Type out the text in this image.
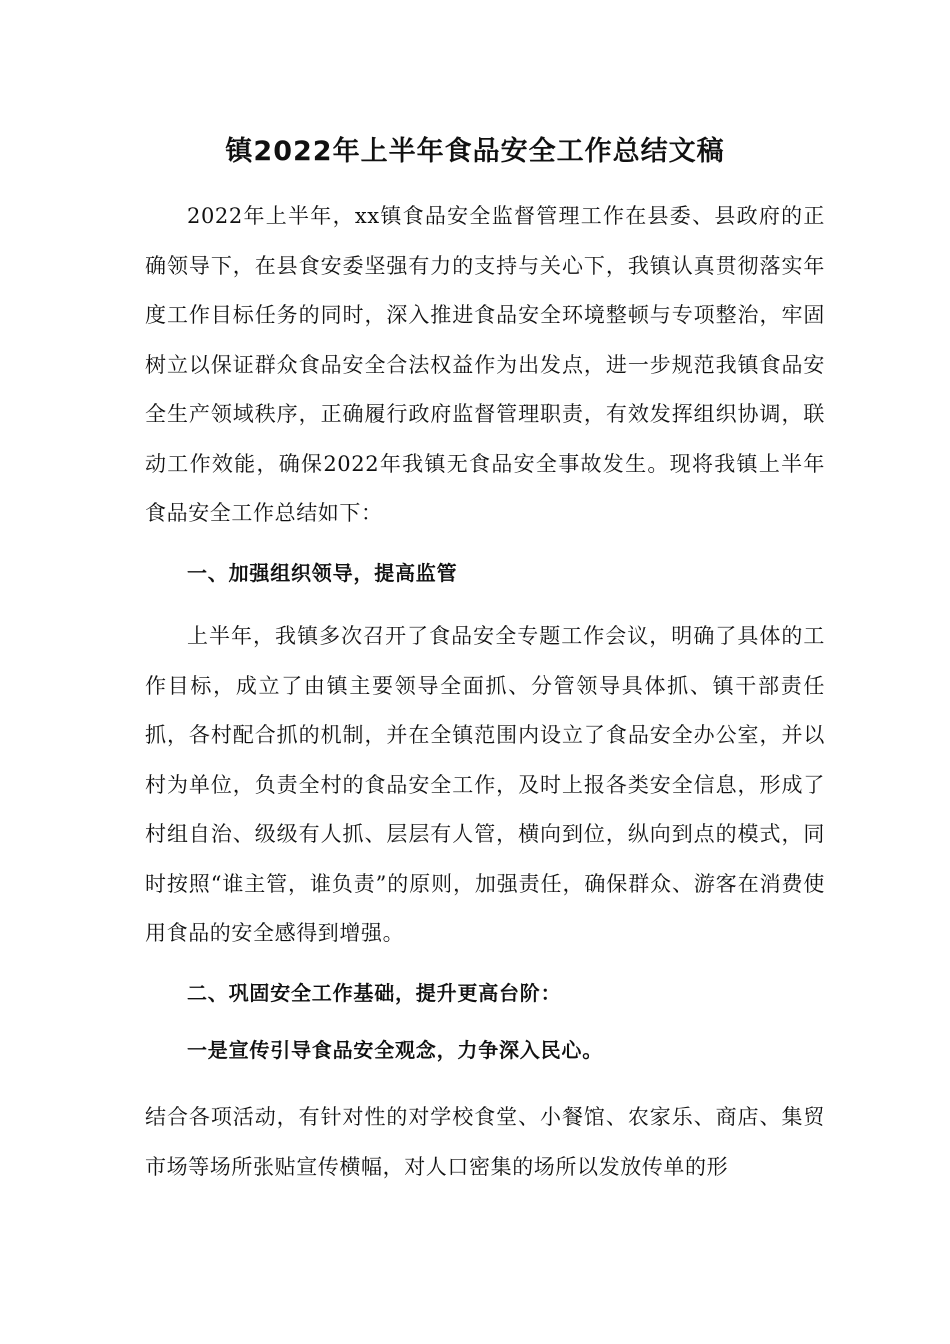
镇2022年上半年食品安全工作总结文稿

2022年上半年，xx镇食品安全监督管理工作在县委、县政府的正确领导下，在县食安委坚强有力的支持与关心下，我镇认真贯彻落实年度工作目标任务的同时，深入推进食品安全环境整顿与专项整治，牢固树立以保证群众食品安全合法权益作为出发点，进一步规范我镇食品安全生产领域秩序，正确履行政府监督管理职责，有效发挥组织协调，联动工作效能，确保2022年我镇无食品安全事故发生。现将我镇上半年食品安全工作总结如下：

一、加强组织领导，提高监管

上半年，我镇多次召开了食品安全专题工作会议，明确了具体的工作目标，成立了由镇主要领导全面抓、分管领导具体抓、镇干部责任抓，各村配合抓的机制，并在全镇范围内设立了食品安全办公室，并以村为单位，负责全村的食品安全工作，及时上报各类安全信息，形成了村组自治、级级有人抓、层层有人管，横向到位，纵向到点的模式，同时按照“谁主管，谁负责”的原则，加强责任，确保群众、游客在消费使用食品的安全感得到增强。

二、巩固安全工作基础，提升更高台阶：

一是宣传引导食品安全观念，力争深入民心。

结合各项活动，有针对性的对学校食堂、小餐馆、农家乐、商店、集贸市场等场所张贴宣传横幅，对人口密集的场所以发放传单的形
